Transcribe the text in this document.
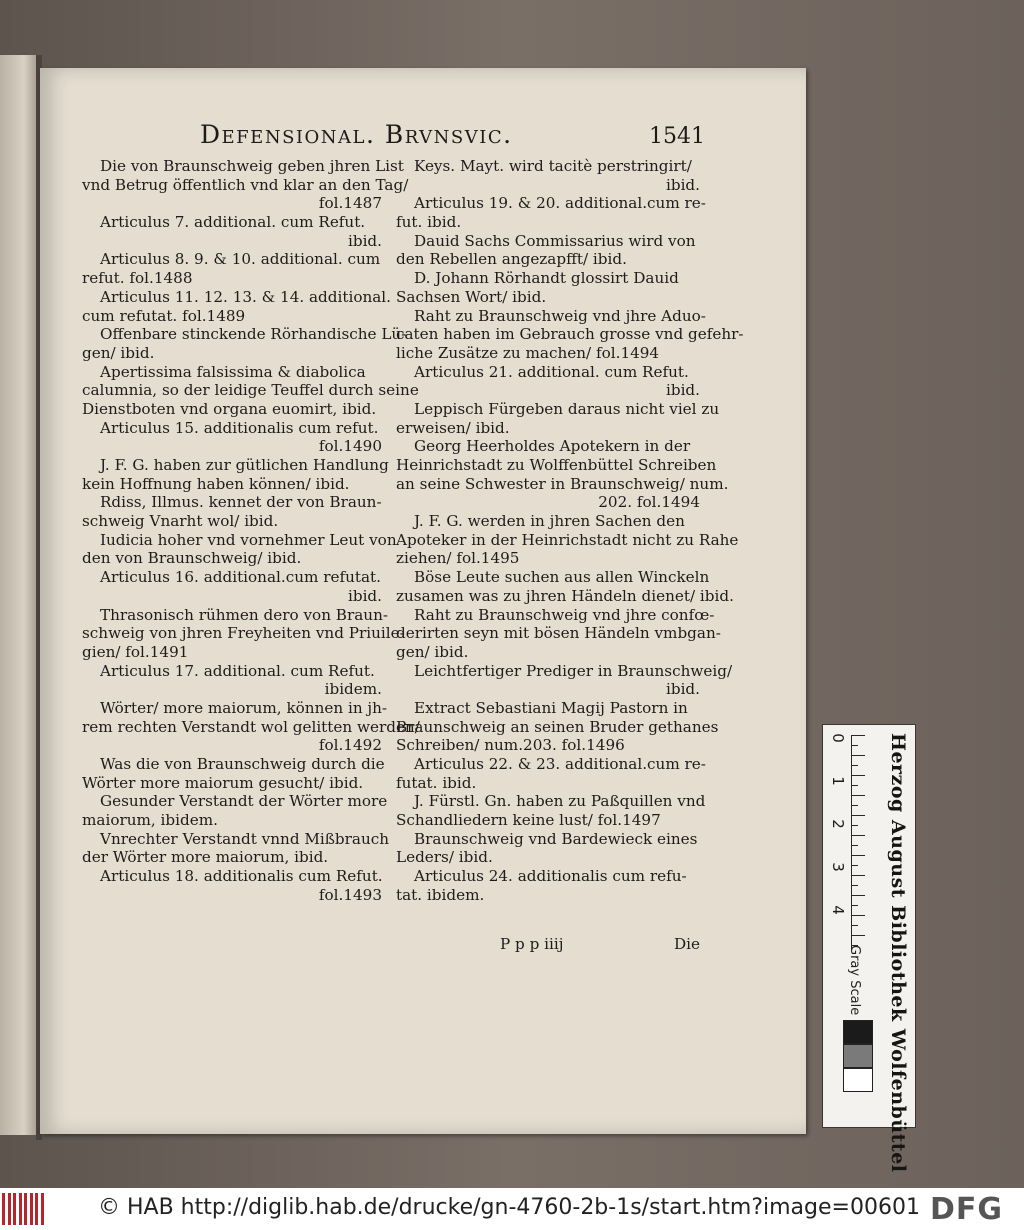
Defensional. Brvnsvic.	1541
Die von Braunschweig geben jhren List
vnd Betrug öffentlich vnd klar an den Tag/
fol.1487
Articulus 7. additional. cum Refut.
ibid.
Articulus 8. 9. & 10. additional. cum
refut. fol.1488
Articulus 11. 12. 13. & 14. additional.
cum refutat. fol.1489
Offenbare stinckende Rörhandische Lü-
gen/ ibid.
Apertissima falsissima & diabolica
calumnia, so der leidige Teuffel durch seine
Dienstboten vnd organa euomirt, ibid.
Articulus 15. additionalis cum refut.
fol.1490
J. F. G. haben zur gütlichen Handlung
kein Hoffnung haben können/ ibid.
Rdiss, Illmus. kennet der von Braun-
schweig Vnarht wol/ ibid.
Iudicia hoher vnd vornehmer Leut von
den von Braunschweig/ ibid.
Articulus 16. additional.cum refutat.
ibid.
Thrasonisch rühmen dero von Braun-
schweig von jhren Freyheiten vnd Priuile-
gien/ fol.1491
Articulus 17. additional. cum Refut.
ibidem.
Wörter/ more maiorum, können in jh-
rem rechten Verstandt wol gelitten werden/
fol.1492
Was die von Braunschweig durch die
Wörter more maiorum gesucht/ ibid.
Gesunder Verstandt der Wörter more
maiorum, ibidem.
Vnrechter Verstandt vnnd Mißbrauch
der Wörter more maiorum, ibid.
Articulus 18. additionalis cum Refut.
fol.1493
Keys. Mayt. wird tacitè perstringirt/
ibid.
Articulus 19. & 20. additional.cum re-
fut. ibid.
Dauid Sachs Commissarius wird von
den Rebellen angezapfft/ ibid.
D. Johann Rörhandt glossirt Dauid
Sachsen Wort/ ibid.
Raht zu Braunschweig vnd jhre Aduo-
caten haben im Gebrauch grosse vnd gefehr-
liche Zusätze zu machen/ fol.1494
Articulus 21. additional. cum Refut.
ibid.
Leppisch Fürgeben daraus nicht viel zu
erweisen/ ibid.
Georg Heerholdes Apotekern in der
Heinrichstadt zu Wolffenbüttel Schreiben
an seine Schwester in Braunschweig/ num.
202. fol.1494
J. F. G. werden in jhren Sachen den
Apoteker in der Heinrichstadt nicht zu Rahe
ziehen/ fol.1495
Böse Leute suchen aus allen Winckeln
zusamen was zu jhren Händeln dienet/ ibid.
Raht zu Braunschweig vnd jhre confœ-
derirten seyn mit bösen Händeln vmbgan-
gen/ ibid.
Leichtfertiger Prediger in Braunschweig/
ibid.
Extract Sebastiani Magij Pastorn in
Braunschweig an seinen Bruder gethanes
Schreiben/ num.203. fol.1496
Articulus 22. & 23. additional.cum re-
futat. ibid.
J. Fürstl. Gn. haben zu Paßquillen vnd
Schandliedern keine lust/ fol.1497
Braunschweig vnd Bardewieck eines
Leders/ ibid.
Articulus 24. additionalis cum refu-
tat. ibidem.
P p p iiij	Die
0
1
2
3
4	Herzog August Bibliothek Wolfenbüttel
Gray Scale
© HAB http://diglib.hab.de/drucke/gn-4760-2b-1s/start.htm?image=00601 DFG
